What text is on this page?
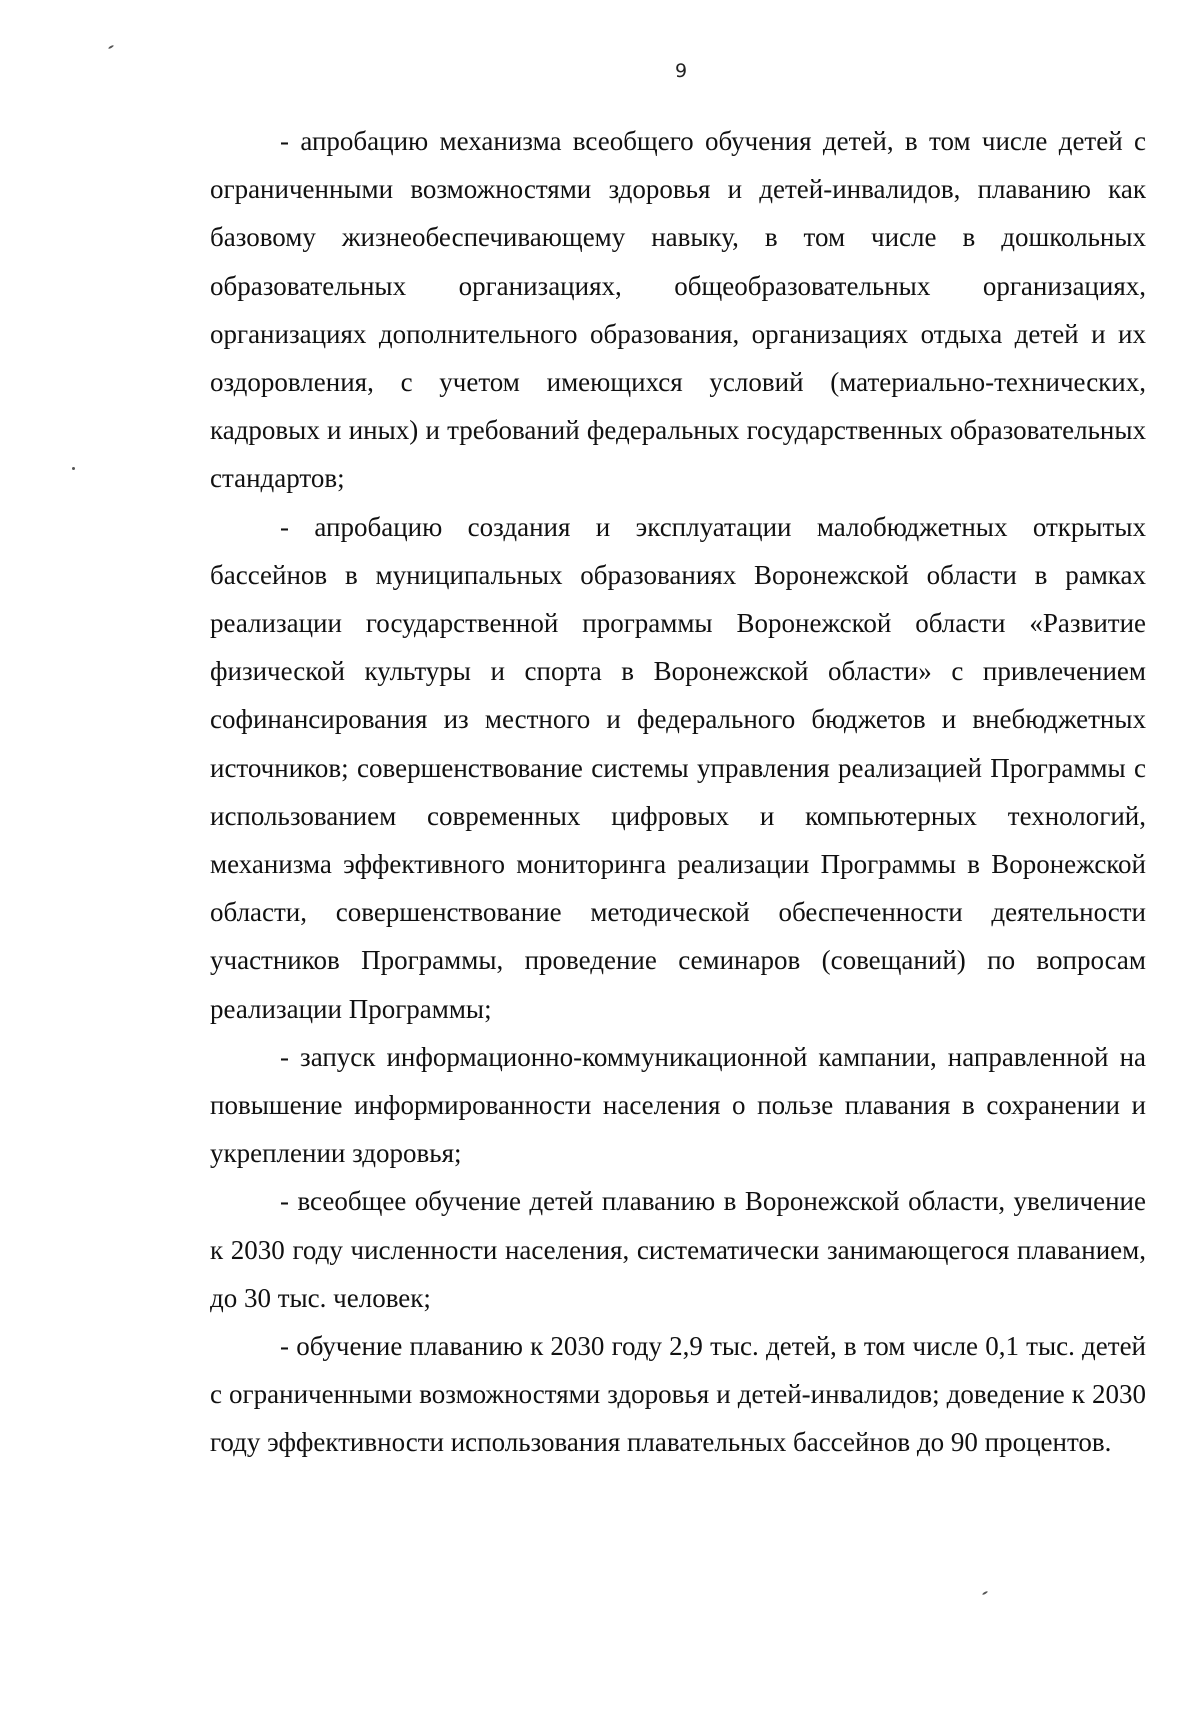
9

- апробацию механизма всеобщего обучения детей, в том числе детей с ограниченными возможностями здоровья и детей-инвалидов, плаванию как базовому жизнеобеспечивающему навыку, в том числе в дошкольных образовательных организациях, общеобразовательных организациях, организациях дополнительного образования, организациях отдыха детей и их оздоровления, с учетом имеющихся условий (материально-технических, кадровых и иных) и требований федеральных государственных образовательных стандартов;

- апробацию создания и эксплуатации малобюджетных открытых бассейнов в муниципальных образованиях Воронежской области в рамках реализации государственной программы Воронежской области «Развитие физической культуры и спорта в Воронежской области» с привлечением софинансирования из местного и федерального бюджетов и внебюджетных источников; совершенствование системы управления реализацией Программы с использованием современных цифровых и компьютерных технологий, механизма эффективного мониторинга реализации Программы в Воронежской области, совершенствование методической обеспеченности деятельности участников Программы, проведение семинаров (совещаний) по вопросам реализации Программы;

- запуск информационно-коммуникационной кампании, направленной на повышение информированности населения о пользе плавания в сохранении и укреплении здоровья;

- всеобщее обучение детей плаванию в Воронежской области, увеличение к 2030 году численности населения, систематически занимающегося плаванием, до 30 тыс. человек;

- обучение плаванию к 2030 году 2,9 тыс. детей, в том числе 0,1 тыс. детей с ограниченными возможностями здоровья и детей-инвалидов; доведение к 2030 году эффективности использования плавательных бассейнов до 90 процентов.
